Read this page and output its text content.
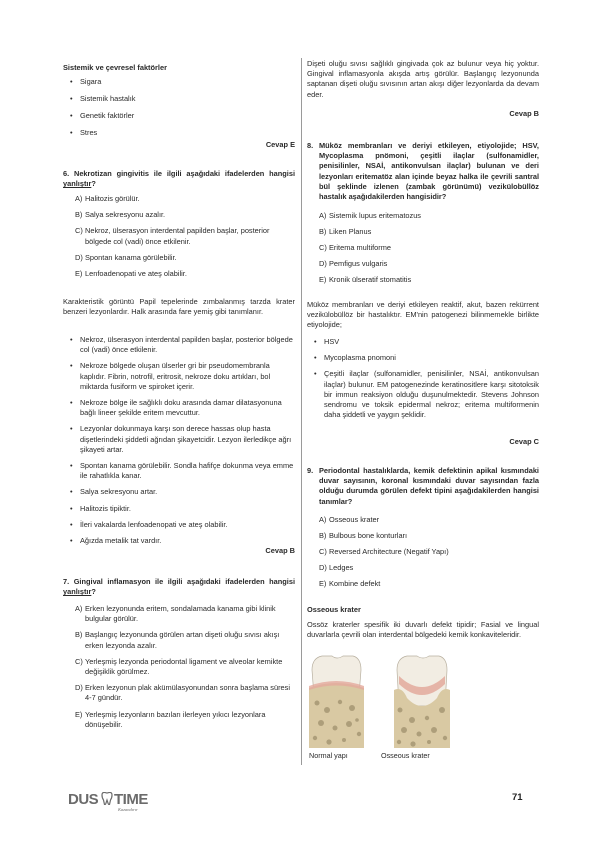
Sistemik ve çevresel faktörler
• Sigara
• Sistemik hastalık
• Genetik faktörler
• Stres
Cevap E
6. Nekrotizan gingivitis ile ilgili aşağıdaki ifadelerden hangisi yanlıştır?
A) Halitozis görülür.
B) Salya sekresyonu azalır.
C) Nekroz, ülserasyon interdental papilden başlar, posterior bölgede col (vadi) önce etkilenir.
D) Spontan kanama görülebilir.
E) Lenfoadenopati ve ateş olabilir.
Karakteristik görüntü Papil tepelerinde zımbalanmış tarzda krater benzeri lezyonlardır. Halk arasında fare yemiş gibi tanımlanır.
• Nekroz, ülserasyon interdental papilden başlar, posterior bölgede col (vadi) önce etkilenir.
• Nekroze bölgede oluşan ülserler gri bir pseudomembranla kaplıdır. Fibrin, notrofil, eritrosit, nekroze doku artıkları, bol miktarda fusiform ve spiroket içerir.
• Nekroze bölge ile sağlıklı doku arasında damar dilatasyonuna bağlı lineer şekilde eritem mevcuttur.
• Lezyonlar dokunmaya karşı son derece hassas olup hasta dişetlerindeki şiddetli ağrıdan şikayetcidir. Lezyon ilerledikçe ağrı şikayeti artar.
• Spontan kanama görülebilir. Sondla hafifçe dokunma veya emme ile rahatlıkla kanar.
• Salya sekresyonu artar.
• Halitozis tipiktir.
• İleri vakalarda lenfoadenopati ve ateş olabilir.
• Ağızda metalik tat vardır.
Cevap B
7. Gingival inflamasyon ile ilgili aşağıdaki ifadelerden hangisi yanlıştır?
A) Erken lezyonunda eritem, sondalamada kanama gibi klinik bulgular görülür.
B) Başlangıç lezyonunda görülen artan dişeti oluğu sıvısı akışı erken lezyonda azalır.
C) Yerleşmiş lezyonda periodontal ligament ve alveolar kemikte değişiklik görülmez.
D) Erken lezyonun plak akümülasyonundan sonra başlama süresi 4-7 gündür.
E) Yerleşmiş lezyonların bazıları ilerleyen yıkıcı lezyonlara dönüşebilir.
Dişeti oluğu sıvısı sağlıklı gingivada çok az bulunur veya hiç yoktur. Gingival inflamasyonla akışda artış görülür. Başlangıç lezyonunda saptanan dişeti oluğu sıvısının artan akışı diğer lezyonlarda da devam eder.
Cevap B
8. Müköz membranları ve deriyi etkileyen, etiyolojide; HSV, Mycoplasma pnömoni, çeşitli ilaçlar (sulfonamidler, penisilinler, NSAİ, antikonvulsan ilaçlar) bulunan ve deri lezyonları eritematöz alan içinde beyaz halka ile çevrili santral bül şeklinde izlenen (zambak görünümü) vezikülobüllöz hastalık aşağıdakilerden hangisidir?
A) Sistemik lupus eritematozus
B) Liken Planus
C) Eritema multiforme
D) Pemfigus vulgaris
E) Kronik ülseratif stomatitis
Müköz membranları ve deriyi etkileyen reaktif, akut, bazen rekürrent vezikülobüllöz bir hastalıktır. EM'nin patogenezi bilinmemekle birlikte etiyolojide;
• HSV
• Mycoplasma pnomoni
• Çeşitli ilaçlar (sulfonamidler, penisilinler, NSAİ, antikonvulsan ilaçlar) bulunur. EM patogenezinde keratinositlere karşı sitotoksik bir immun reaksiyon olduğu duşunulmektedir. Stevens Johnson sendromu ve toksik epidermal nekroz; eritema multiformenin daha şiddetli ve yaygın şeklidir.
Cevap C
9. Periodontal hastalıklarda, kemik defektinin apikal kısmındaki duvar sayısının, koronal kısmındaki duvar sayısından fazla olduğu durumda görülen defekt tipini aşağıdakilerden hangisi tanımlar?
A) Osseous krater
B) Bulbous bone konturları
C) Reversed Architecture (Negatif Yapı)
D) Ledges
E) Kombine defekt
Osseous krater
Ossöz kraterler spesifik iki duvarlı defekt tipidir; Fasial ve lingual duvarlarla çevrili olan interdental bölgedeki kemik konkaviteleridir.
Normal yapı	Osseous krater
DUS TIME
Kazandırır
71
